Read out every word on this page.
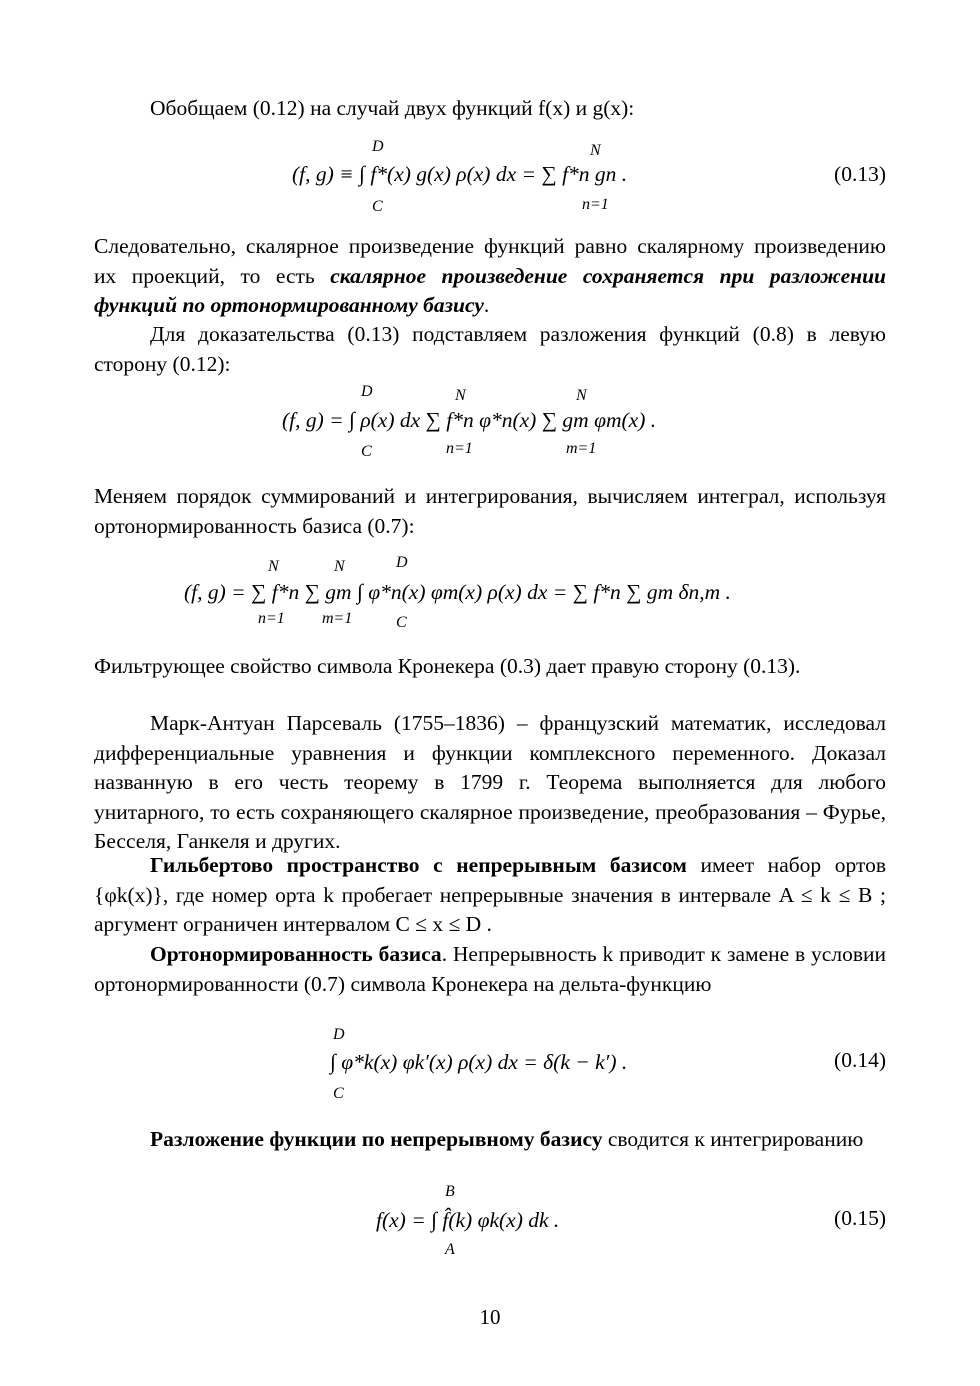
Обобщаем (0.12) на случай двух функций f(x) и g(x):

D
C
N
n=1
(f, g) ≡ ∫ f*(x) g(x) ρ(x) dx = ∑ f*n gn .	(0.13)

Следовательно, скалярное произведение функций равно скалярному произведению их проекций, то есть скалярное произведение сохраняется при разложении функций по ортонормированному базису.

Для доказательства (0.13) подставляем разложения функций (0.8) в левую сторону (0.12):

D
C
N
n=1
N
m=1
(f, g) = ∫ ρ(x) dx ∑ f*n φ*n(x) ∑ gm φm(x) .

Меняем порядок суммирований и интегрирования, вычисляем интеграл, используя ортонормированность базиса (0.7):

D
C
N
n=1
N
m=1
(f, g) = ∑ f*n ∑ gm ∫ φ*n(x) φm(x) ρ(x) dx = ∑ f*n ∑ gm δn,m .

Фильтрующее свойство символа Кронекера (0.3) дает правую сторону (0.13).

Марк-Антуан Парсеваль (1755–1836) – французский математик, исследовал дифференциальные уравнения и функции комплексного переменного. Доказал названную в его честь теорему в 1799 г. Теорема выполняется для любого унитарного, то есть сохраняющего скалярное произведение, преобразования – Фурье, Бесселя, Ганкеля и других.

Гильбертово пространство с непрерывным базисом имеет набор ортов {φk(x)}, где номер орта k пробегает непрерывные значения в интервале A ≤ k ≤ B ; аргумент ограничен интервалом C ≤ x ≤ D .

Ортонормированность базиса. Непрерывность k приводит к замене в условии ортонормированности (0.7) символа Кронекера на дельта-функцию

D
C
∫ φ*k(x) φk′(x) ρ(x) dx = δ(k − k′) .	(0.14)

Разложение функции по непрерывному базису сводится к интегрированию

B
A
f(x) = ∫ f̂(k) φk(x) dk .	(0.15)
10
